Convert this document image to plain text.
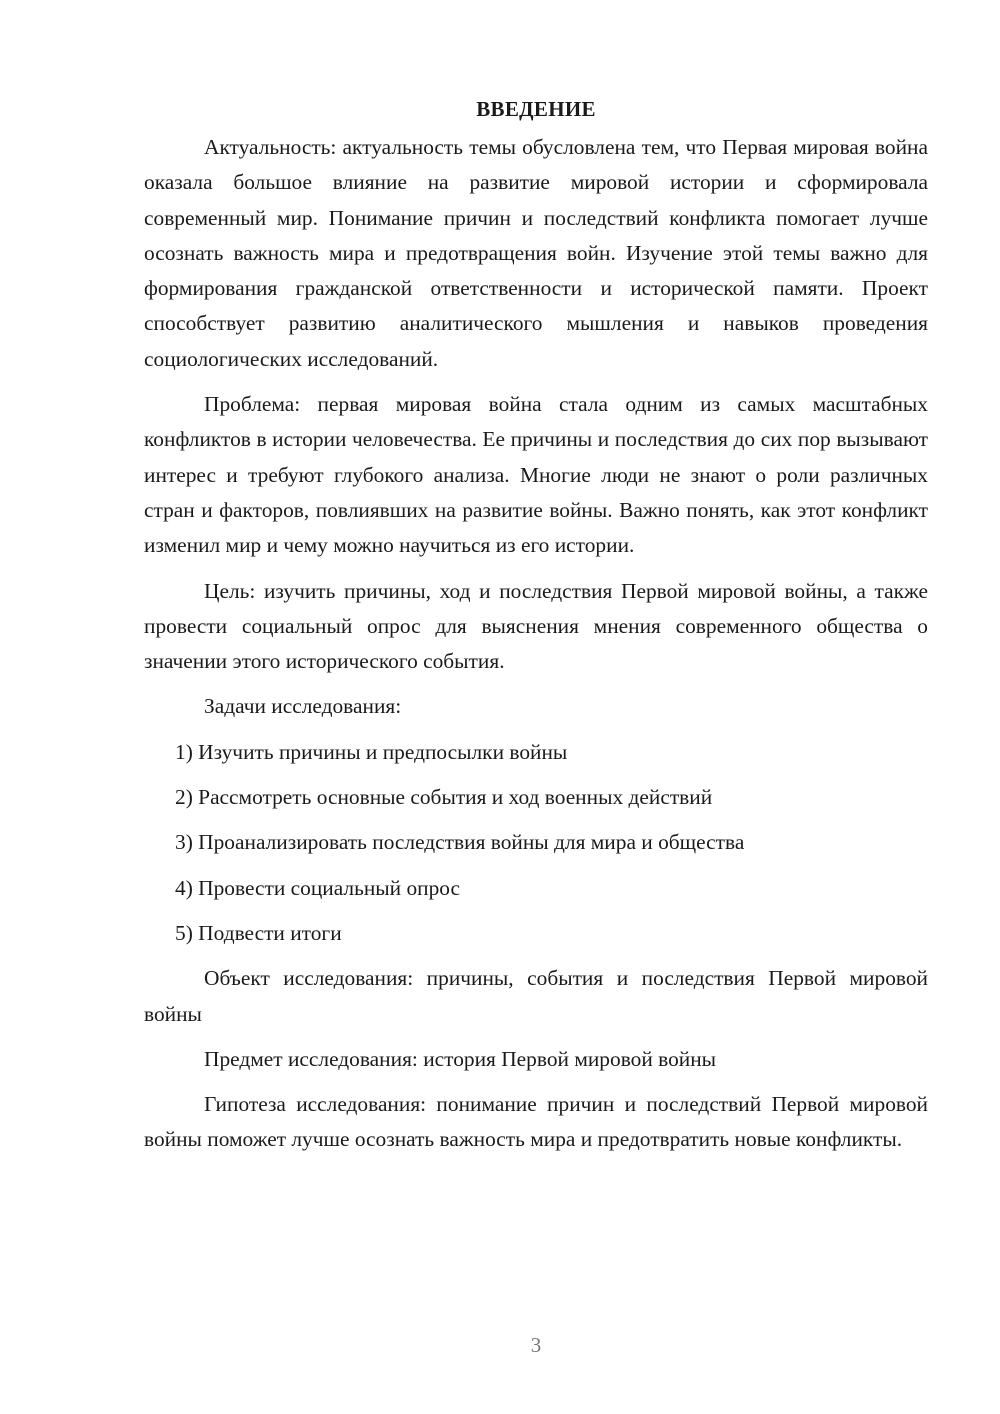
ВВЕДЕНИЕ

Актуальность: актуальность темы обусловлена тем, что Первая мировая война оказала большое влияние на развитие мировой истории и сформировала современный мир. Понимание причин и последствий конфликта помогает лучше осознать важность мира и предотвращения войн. Изучение этой темы важно для формирования гражданской ответственности и исторической памяти. Проект способствует развитию аналитического мышления и навыков проведения социологических исследований.

Проблема: первая мировая война стала одним из самых масштабных конфликтов в истории человечества. Ее причины и последствия до сих пор вызывают интерес и требуют глубокого анализа. Многие люди не знают о роли различных стран и факторов, повлиявших на развитие войны. Важно понять, как этот конфликт изменил мир и чему можно научиться из его истории.

Цель: изучить причины, ход и последствия Первой мировой войны, а также провести социальный опрос для выяснения мнения современного общества о значении этого исторического события.

Задачи исследования:

1) Изучить причины и предпосылки войны
2) Рассмотреть основные события и ход военных действий
3) Проанализировать последствия войны для мира и общества
4) Провести социальный опрос
5) Подвести итоги

Объект исследования: причины, события и последствия Первой мировой войны

Предмет исследования: история Первой мировой войны

Гипотеза исследования: понимание причин и последствий Первой мировой войны поможет лучше осознать важность мира и предотвратить новые конфликты.

3
